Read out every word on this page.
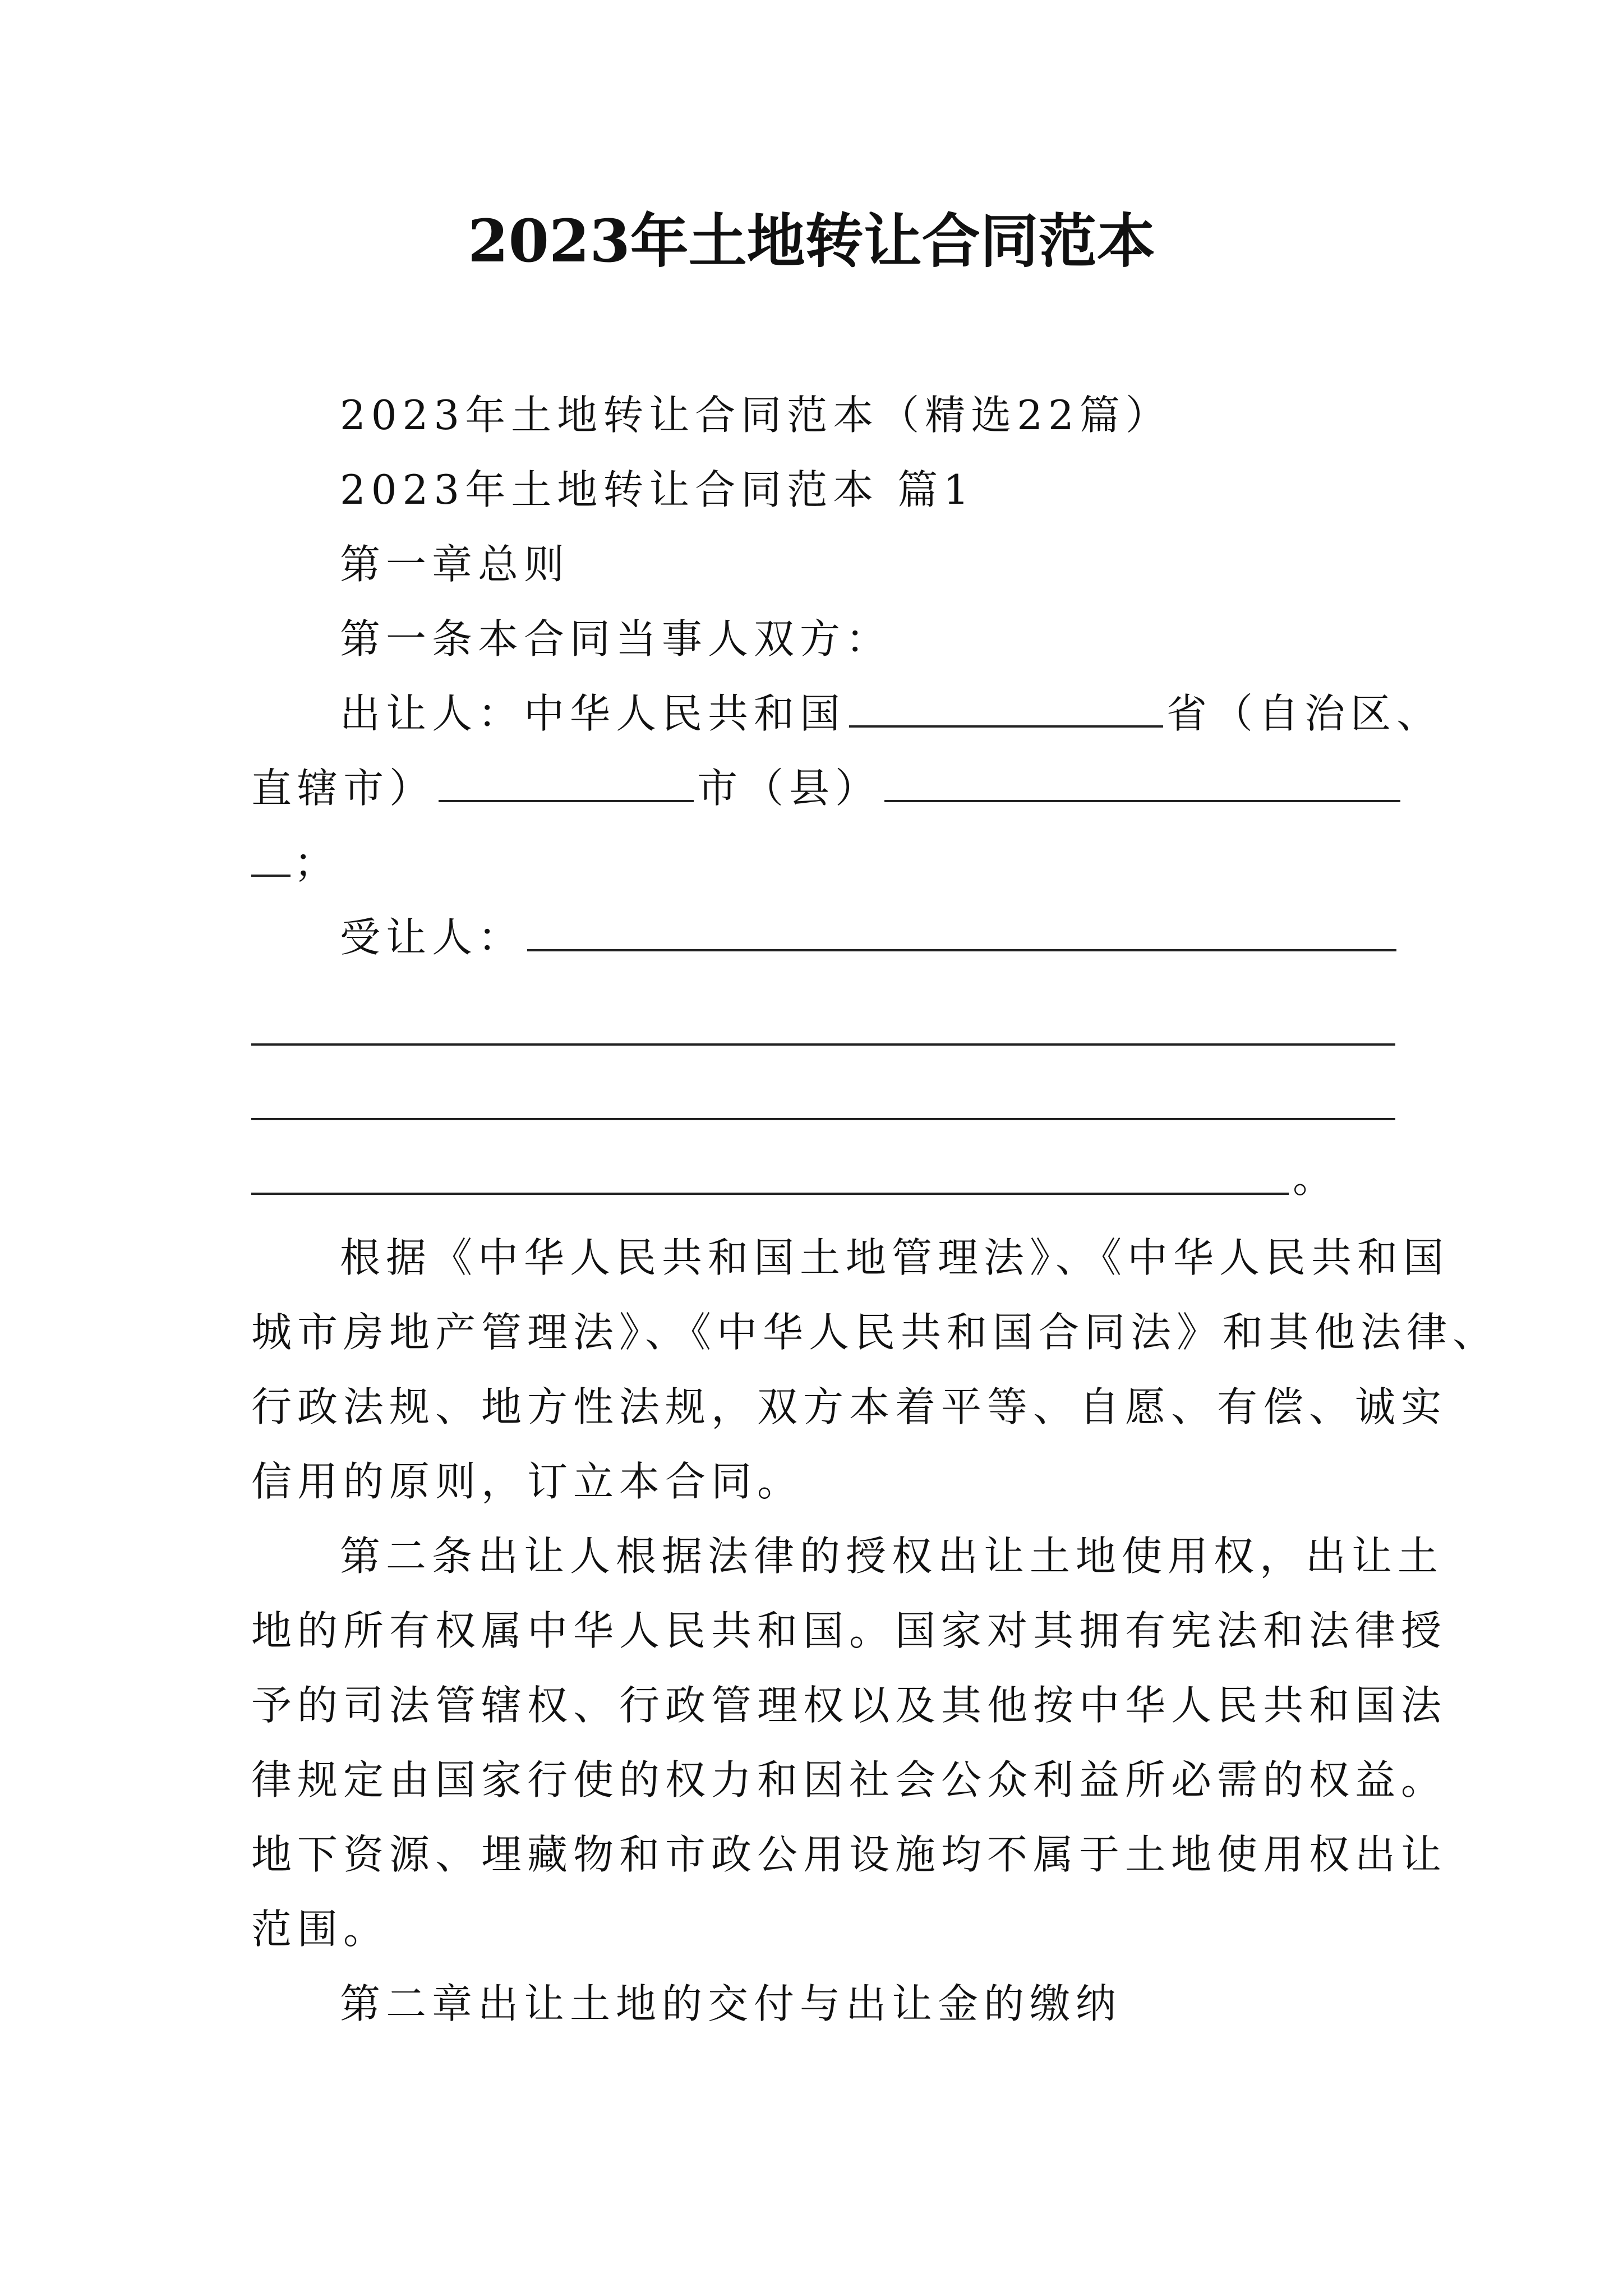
2023年土地转让合同范本
2023年土地转让合同范本（精选22篇）
2023年土地转让合同范本 篇1
第一章总则
第一条本合同当事人双方：
出让人：中华人民共和国	省（自治区、
直辖市）	市（县）
；
受让人：
。
根据《中华人民共和国土地管理法》、《中华人民共和国
城市房地产管理法》、《中华人民共和国合同法》和其他法律、
行政法规、地方性法规，双方本着平等、自愿、有偿、诚实
信用的原则，订立本合同。
第二条出让人根据法律的授权出让土地使用权，出让土
地的所有权属中华人民共和国。国家对其拥有宪法和法律授
予的司法管辖权、行政管理权以及其他按中华人民共和国法
律规定由国家行使的权力和因社会公众利益所必需的权益。
地下资源、埋藏物和市政公用设施均不属于土地使用权出让
范围。
第二章出让土地的交付与出让金的缴纳
